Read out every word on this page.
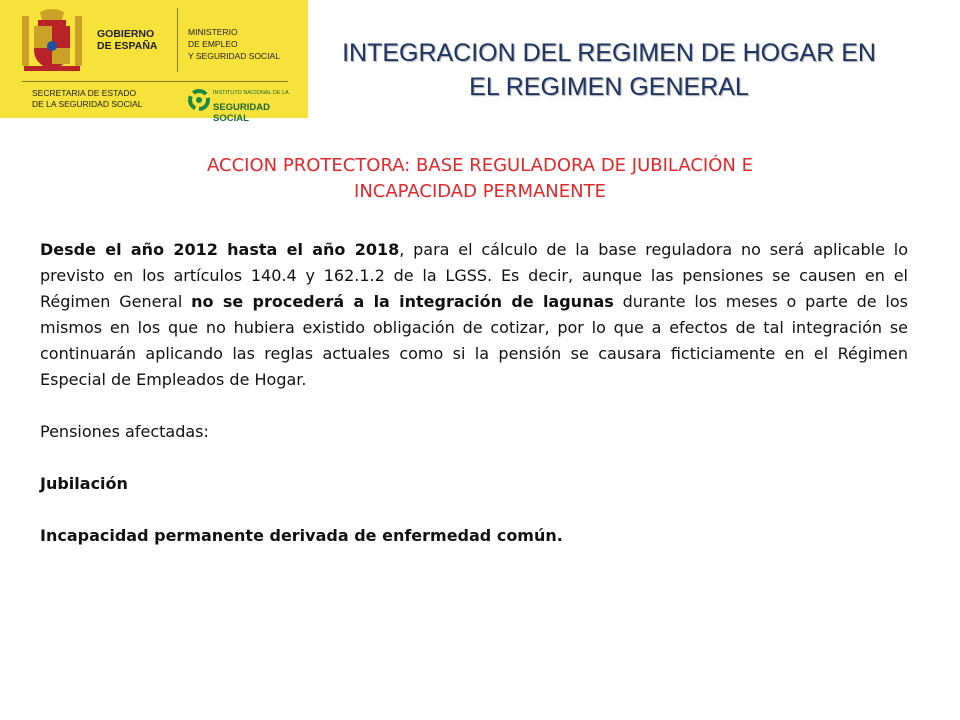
GOBIERNO
DE ESPAÑA
MINISTERIO
DE EMPLEO
Y SEGURIDAD SOCIAL
SECRETARIA DE ESTADO
DE LA SEGURIDAD SOCIAL
INSTITUTO NACIONAL DE LA
SEGURIDAD SOCIAL
INTEGRACION DEL REGIMEN DE HOGAR EN
EL REGIMEN GENERAL
ACCION PROTECTORA: BASE REGULADORA DE JUBILACIÓN E
INCAPACIDAD PERMANENTE

Desde el año 2012 hasta el año 2018, para el cálculo de la base reguladora no será aplicable lo previsto en los artículos 140.4 y 162.1.2 de la LGSS. Es decir, aunque las pensiones se causen en el Régimen General no se procederá a la integración de lagunas durante los meses o parte de los mismos en los que no hubiera existido obligación de cotizar, por lo que a efectos de tal integración se continuarán aplicando las reglas actuales como si la pensión se causara ficticiamente en el Régimen Especial de Empleados de Hogar.

Pensiones afectadas:

Jubilación

Incapacidad permanente derivada de enfermedad común.
